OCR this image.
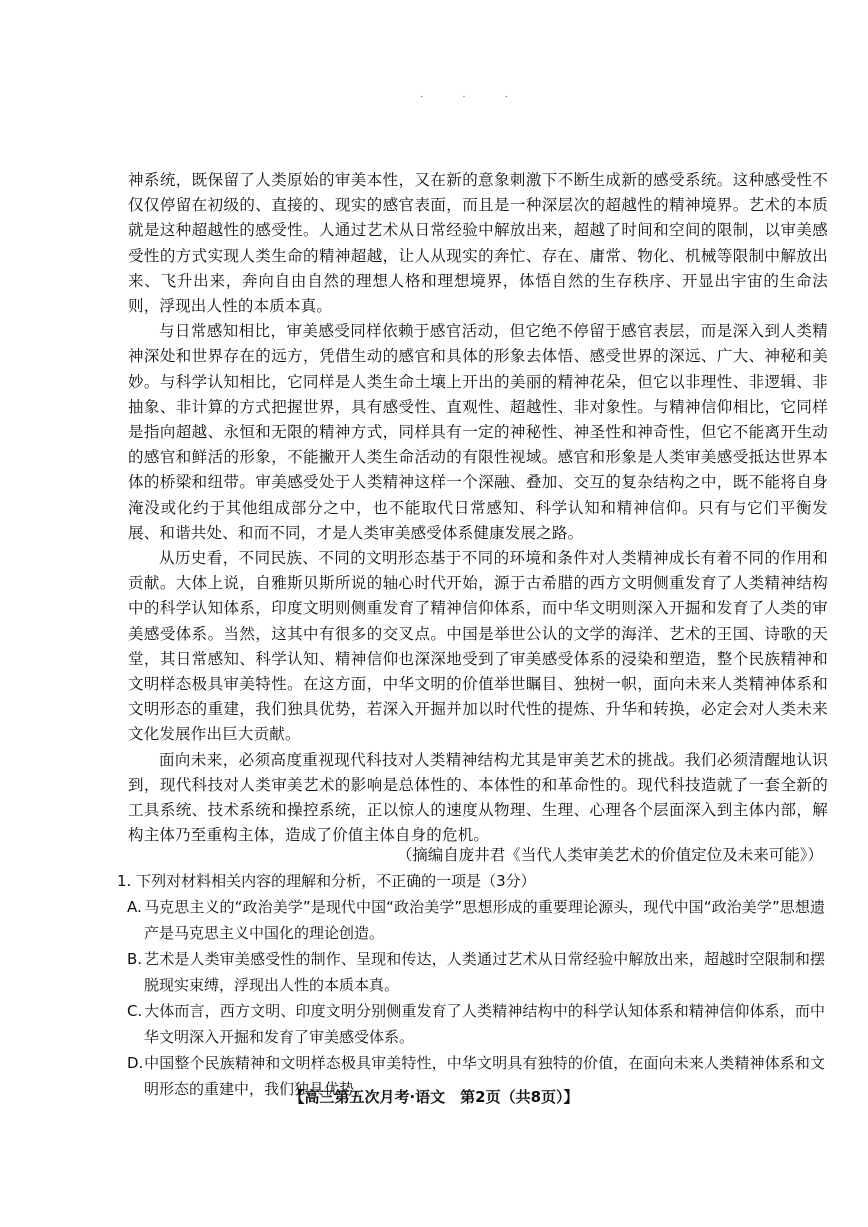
· · ·

神系统，既保留了人类原始的审美本性，又在新的意象刺激下不断生成新的感受系统。这种感受性不仅仅停留在初级的、直接的、现实的感官表面，而且是一种深层次的超越性的精神境界。艺术的本质就是这种超越性的感受性。人通过艺术从日常经验中解放出来，超越了时间和空间的限制，以审美感受性的方式实现人类生命的精神超越，让人从现实的奔忙、存在、庸常、物化、机械等限制中解放出来、飞升出来，奔向自由自然的理想人格和理想境界，体悟自然的生存秩序、开显出宇宙的生命法则，浮现出人性的本质本真。

与日常感知相比，审美感受同样依赖于感官活动，但它绝不停留于感官表层，而是深入到人类精神深处和世界存在的远方，凭借生动的感官和具体的形象去体悟、感受世界的深远、广大、神秘和美妙。与科学认知相比，它同样是人类生命土壤上开出的美丽的精神花朵，但它以非理性、非逻辑、非抽象、非计算的方式把握世界，具有感受性、直观性、超越性、非对象性。与精神信仰相比，它同样是指向超越、永恒和无限的精神方式，同样具有一定的神秘性、神圣性和神奇性，但它不能离开生动的感官和鲜活的形象，不能撇开人类生命活动的有限性视域。感官和形象是人类审美感受抵达世界本体的桥梁和纽带。审美感受处于人类精神这样一个深融、叠加、交互的复杂结构之中，既不能将自身淹没或化约于其他组成部分之中，也不能取代日常感知、科学认知和精神信仰。只有与它们平衡发展、和谐共处、和而不同，才是人类审美感受体系健康发展之路。

从历史看，不同民族、不同的文明形态基于不同的环境和条件对人类精神成长有着不同的作用和贡献。大体上说，自雅斯贝斯所说的轴心时代开始，源于古希腊的西方文明侧重发育了人类精神结构中的科学认知体系，印度文明则侧重发育了精神信仰体系，而中华文明则深入开掘和发育了人类的审美感受体系。当然，这其中有很多的交叉点。中国是举世公认的文学的海洋、艺术的王国、诗歌的天堂，其日常感知、科学认知、精神信仰也深深地受到了审美感受体系的浸染和塑造，整个民族精神和文明样态极具审美特性。在这方面，中华文明的价值举世瞩目、独树一帜，面向未来人类精神体系和文明形态的重建，我们独具优势，若深入开掘并加以时代性的提炼、升华和转换，必定会对人类未来文化发展作出巨大贡献。

面向未来，必须高度重视现代科技对人类精神结构尤其是审美艺术的挑战。我们必须清醒地认识到，现代科技对人类审美艺术的影响是总体性的、本体性的和革命性的。现代科技造就了一套全新的工具系统、技术系统和操控系统，正以惊人的速度从物理、生理、心理各个层面深入到主体内部，解构主体乃至重构主体，造成了价值主体自身的危机。

（摘编自庞井君《当代人类审美艺术的价值定位及未来可能》）

1. 下列对材料相关内容的理解和分析，不正确的一项是（3分）

A. 马克思主义的“政治美学”是现代中国“政治美学”思想形成的重要理论源头，现代中国“政治美学”思想遗产是马克思主义中国化的理论创造。

B. 艺术是人类审美感受性的制作、呈现和传达，人类通过艺术从日常经验中解放出来，超越时空限制和摆脱现实束缚，浮现出人性的本质本真。

C. 大体而言，西方文明、印度文明分别侧重发育了人类精神结构中的科学认知体系和精神信仰体系，而中华文明深入开掘和发育了审美感受体系。

D.中国整个民族精神和文明样态极具审美特性，中华文明具有独特的价值，在面向未来人类精神体系和文明形态的重建中，我们独具优势。

【高三第五次月考·语文　第2页（共8页）】
